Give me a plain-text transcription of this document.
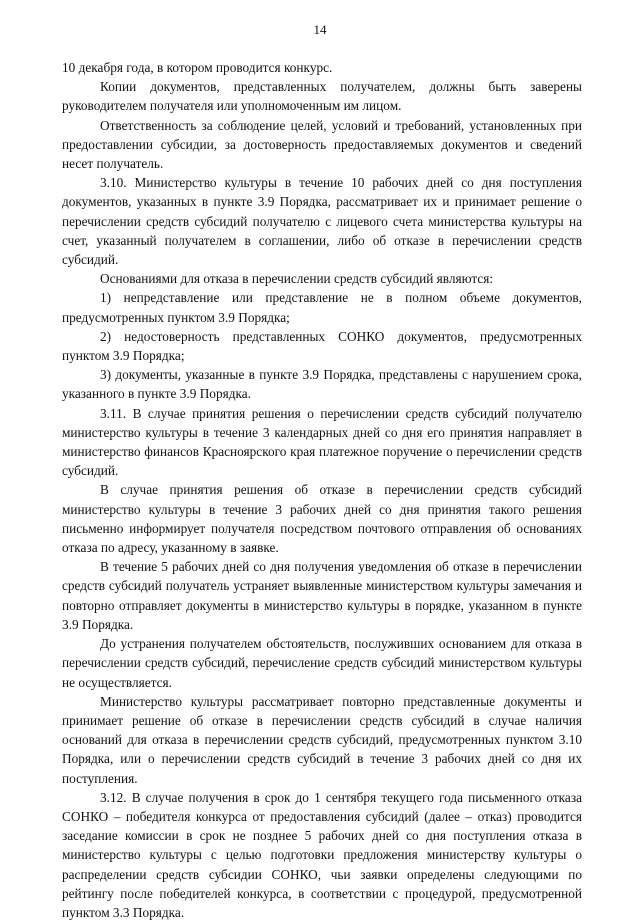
14

10 декабря года, в котором проводится конкурс.

Копии документов, представленных получателем, должны быть заверены руководителем получателя или уполномоченным им лицом.

Ответственность за соблюдение целей, условий и требований, установленных при предоставлении субсидии, за достоверность предоставляемых документов и сведений несет получатель.

3.10. Министерство культуры в течение 10 рабочих дней со дня поступления документов, указанных в пункте 3.9 Порядка, рассматривает их и принимает решение о перечислении средств субсидий получателю с лицевого счета министерства культуры на счет, указанный получателем в соглашении, либо об отказе в перечислении средств субсидий.

Основаниями для отказа в перечислении средств субсидий являются:

1) непредставление или представление не в полном объеме документов, предусмотренных пунктом 3.9 Порядка;

2) недостоверность представленных СОНКО документов, предусмотренных пунктом 3.9 Порядка;

3) документы, указанные в пункте 3.9 Порядка, представлены с нарушением срока, указанного в пункте 3.9 Порядка.

3.11. В случае принятия решения о перечислении средств субсидий получателю министерство культуры в течение 3 календарных дней со дня его принятия направляет в министерство финансов Красноярского края платежное поручение о перечислении средств субсидий.

В случае принятия решения об отказе в перечислении средств субсидий министерство культуры в течение 3 рабочих дней со дня принятия такого решения письменно информирует получателя посредством почтового отправления об основаниях отказа по адресу, указанному в заявке.

В течение 5 рабочих дней со дня получения уведомления об отказе в перечислении средств субсидий получатель устраняет выявленные министерством культуры замечания и повторно отправляет документы в министерство культуры в порядке, указанном в пункте 3.9 Порядка.

До устранения получателем обстоятельств, послуживших основанием для отказа в перечислении средств субсидий, перечисление средств субсидий министерством культуры не осуществляется.

Министерство культуры рассматривает повторно представленные документы и принимает решение об отказе в перечислении средств субсидий в случае наличия оснований для отказа в перечислении средств субсидий, предусмотренных пунктом 3.10 Порядка, или о перечислении средств субсидий в течение 3 рабочих дней со дня их поступления.

3.12. В случае получения в срок до 1 сентября текущего года письменного отказа СОНКО – победителя конкурса от предоставления субсидий (далее – отказ) проводится заседание комиссии в срок не позднее 5 рабочих дней со дня поступления отказа в министерство культуры с целью подготовки предложения министерству культуры о распределении средств субсидии СОНКО, чьи заявки определены следующими по рейтингу после победителей конкурса, в соответствии с процедурой, предусмотренной пунктом 3.3 Порядка.
